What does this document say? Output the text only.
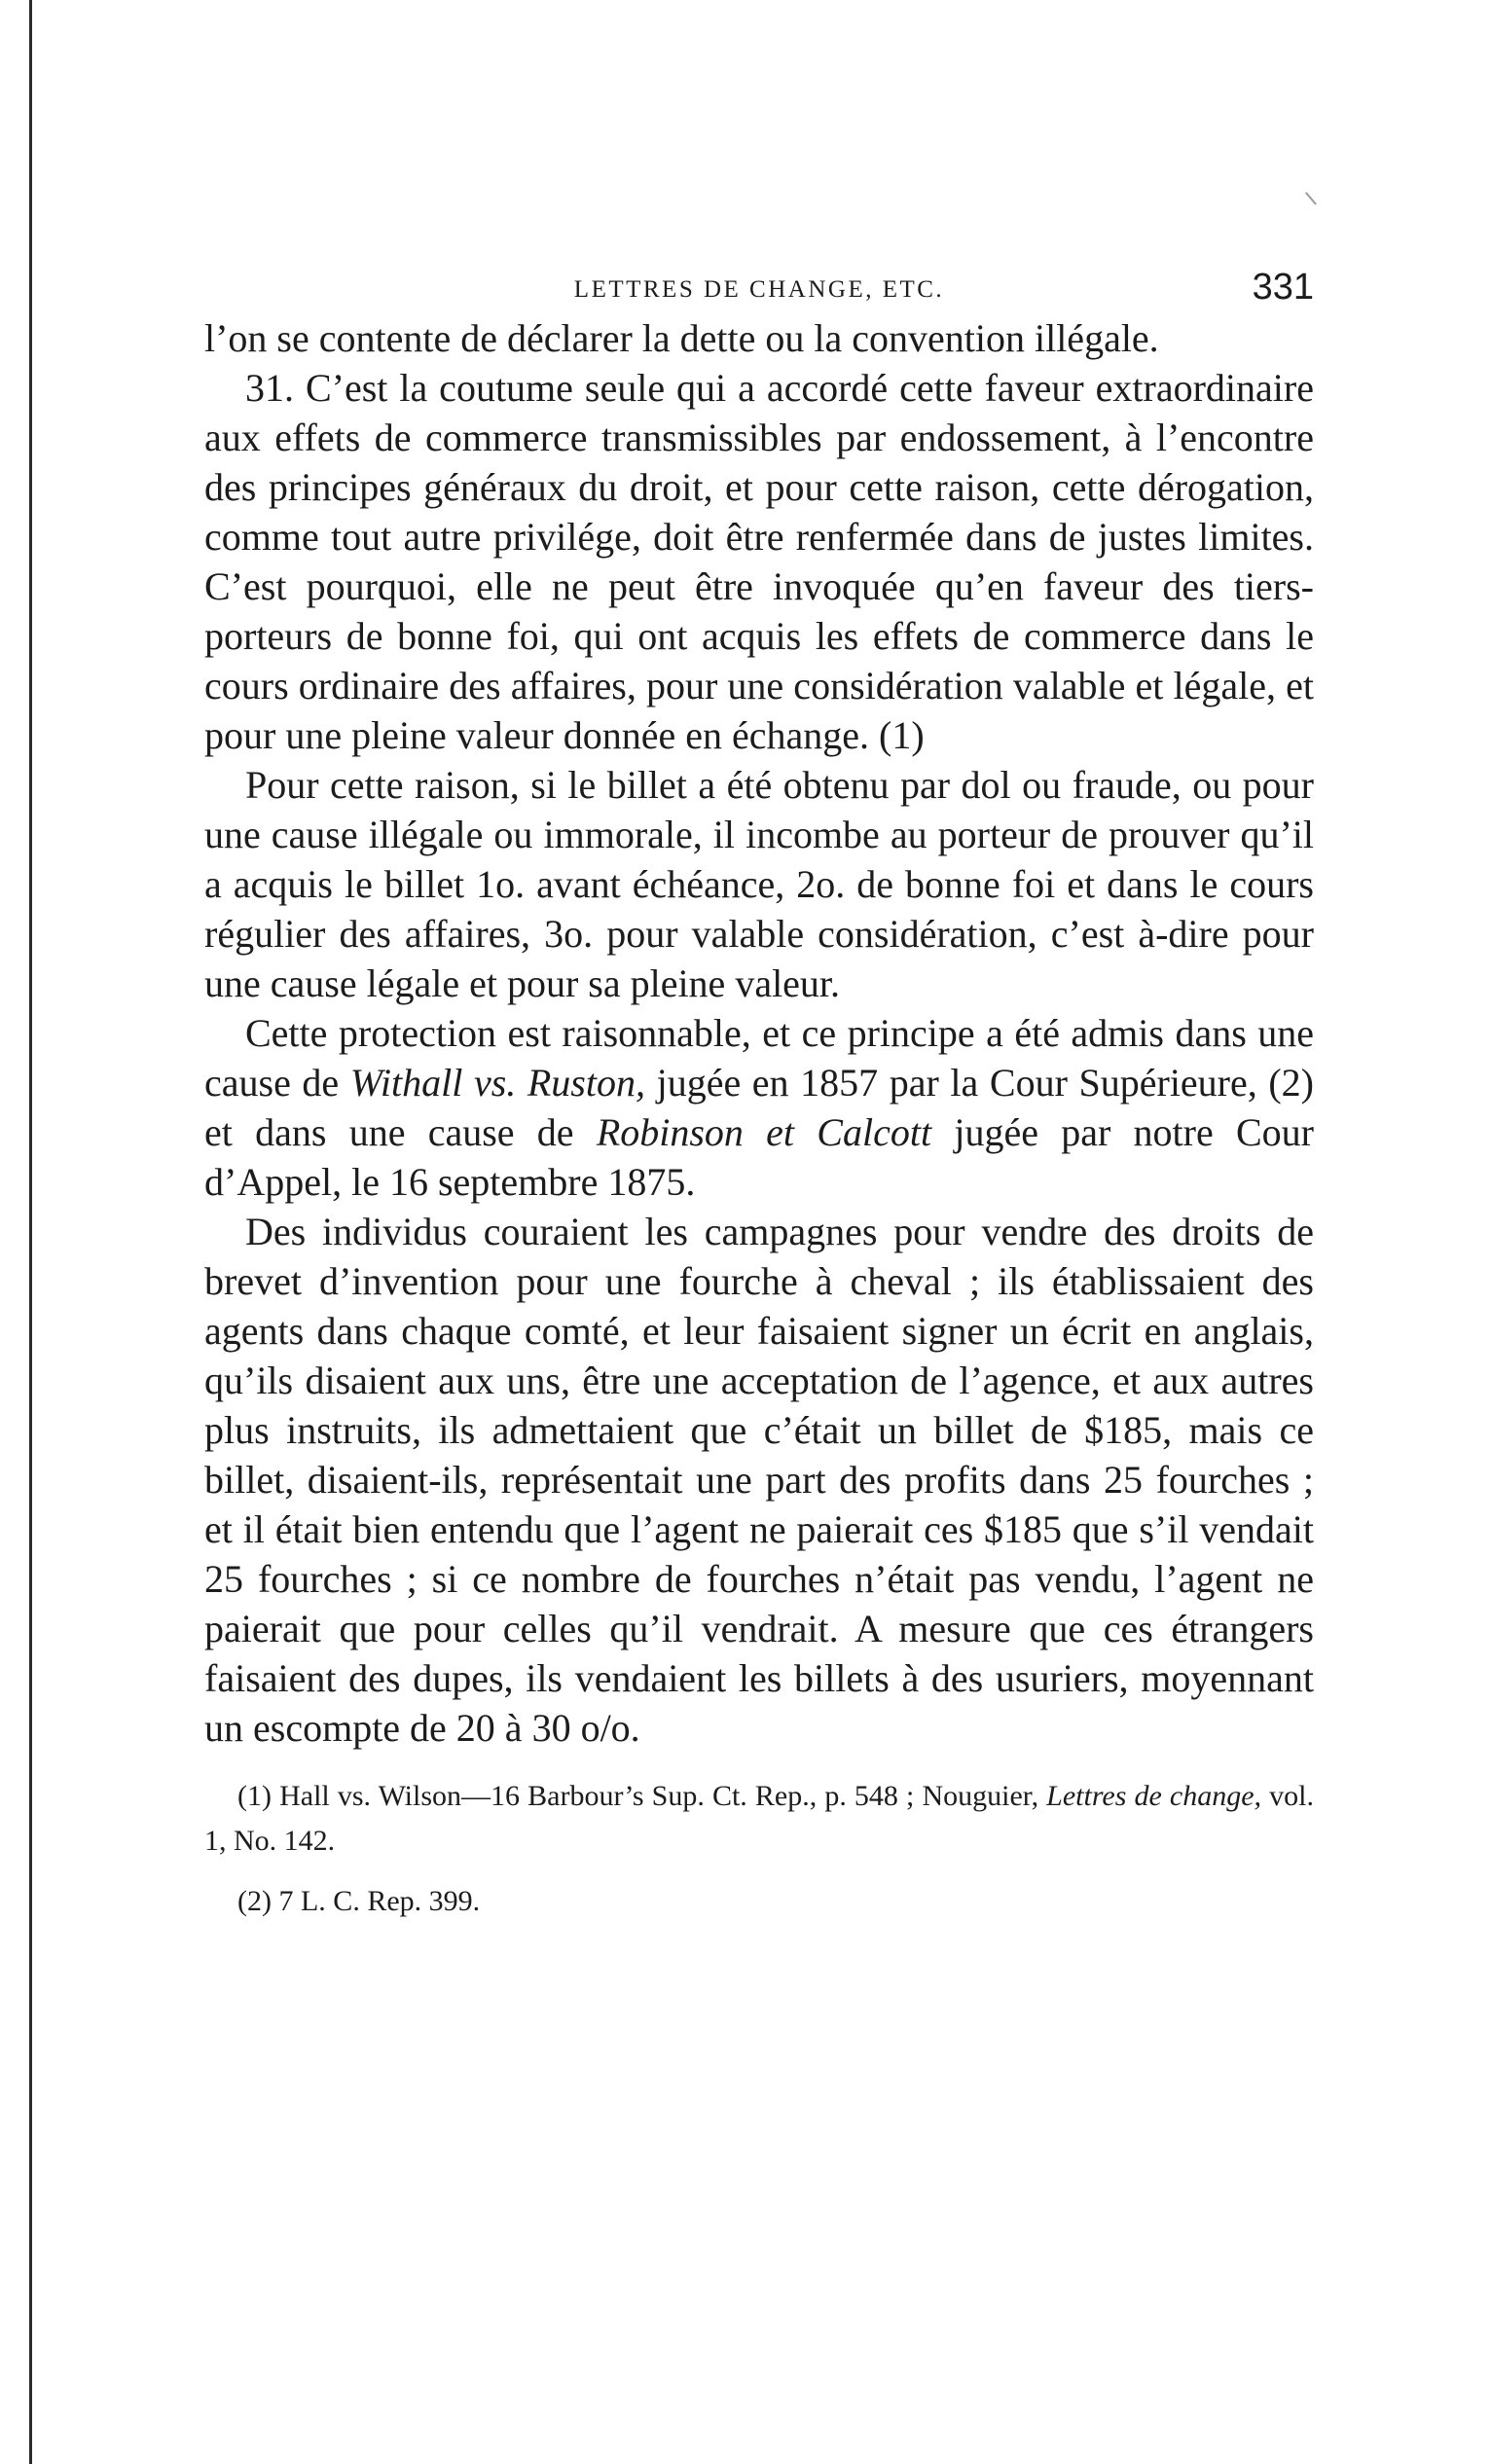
LETTRES DE CHANGE, ETC.	331

l’on se contente de déclarer la dette ou la convention illégale.

31. C’est la coutume seule qui a accordé cette faveur extraordinaire aux effets de commerce transmissibles par endossement, à l’encontre des principes généraux du droit, et pour cette raison, cette dérogation, comme tout autre privilége, doit être renfermée dans de justes limites. C’est pourquoi, elle ne peut être invoquée qu’en faveur des tiers-porteurs de bonne foi, qui ont acquis les effets de commerce dans le cours ordinaire des affaires, pour une considération valable et légale, et pour une pleine valeur donnée en échange. (1)

Pour cette raison, si le billet a été obtenu par dol ou fraude, ou pour une cause illégale ou immorale, il incombe au porteur de prouver qu’il a acquis le billet 1o. avant échéance, 2o. de bonne foi et dans le cours régulier des affaires, 3o. pour valable considération, c’est à-dire pour une cause légale et pour sa pleine valeur.

Cette protection est raisonnable, et ce principe a été admis dans une cause de Withall vs. Ruston, jugée en 1857 par la Cour Supérieure, (2) et dans une cause de Robinson et Calcott jugée par notre Cour d’Appel, le 16 septembre 1875.

Des individus couraient les campagnes pour vendre des droits de brevet d’invention pour une fourche à cheval ; ils établissaient des agents dans chaque comté, et leur faisaient signer un écrit en anglais, qu’ils disaient aux uns, être une acceptation de l’agence, et aux autres plus instruits, ils admettaient que c’était un billet de $185, mais ce billet, disaient-ils, représentait une part des profits dans 25 fourches ; et il était bien entendu que l’agent ne paierait ces $185 que s’il vendait 25 fourches ; si ce nombre de fourches n’était pas vendu, l’agent ne paierait que pour celles qu’il vendrait. A mesure que ces étrangers faisaient des dupes, ils vendaient les billets à des usuriers, moyennant un escompte de 20 à 30 o/o.

(1) Hall vs. Wilson—16 Barbour’s Sup. Ct. Rep., p. 548 ; Nouguier, Lettres de change, vol. 1, No. 142.

(2) 7 L. C. Rep. 399.
